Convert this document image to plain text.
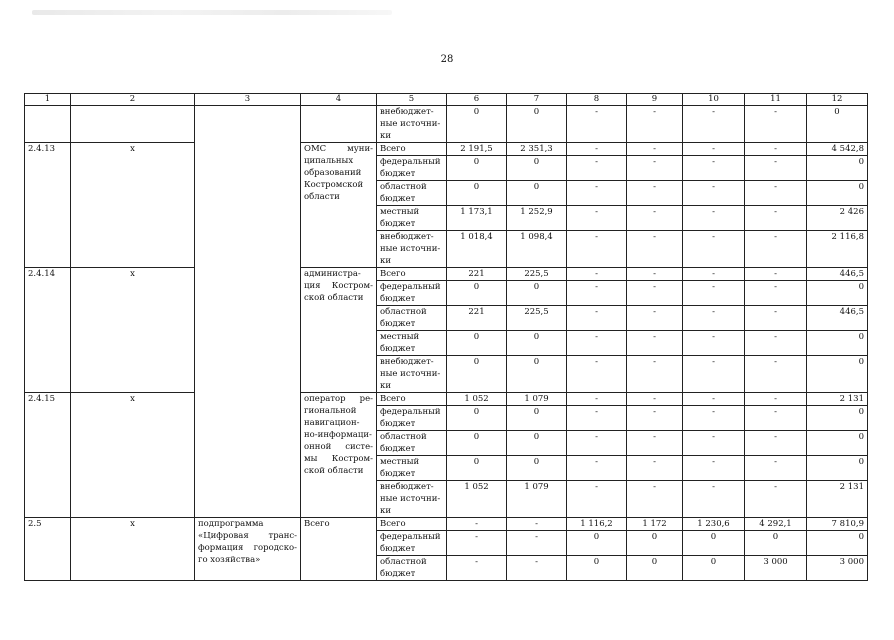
28
1	2	3	4	5	6	7	8	9	10	11	12
				внебюджет-ные источни-ки	0	0	-	-	-	-	0
2.4.13	x		ОМС муни-ципальных образований Костромской области	Всего	2 191,5	2 351,3	-	-	-	-	4 542,8
				федеральный бюджет	0	0	-	-	-	-	0
				областной бюджет	0	0	-	-	-	-	0
				местный бюджет	1 173,1	1 252,9	-	-	-	-	2 426
				внебюджет-ные источни-ки	1 018,4	1 098,4	-	-	-	-	2 116,8
2.4.14	x		администра-ция Костром-ской области	Всего	221	225,5	-	-	-	-	446,5
				федеральный бюджет	0	0	-	-	-	-	0
				областной бюджет	221	225,5	-	-	-	-	446,5
				местный бюджет	0	0	-	-	-	-	0
				внебюджет-ные источни-ки	0	0	-	-	-	-	0
2.4.15	x		оператор ре-гиональной навигацион-но-информаци-онной систе-мы Костром-ской области	Всего	1 052	1 079	-	-	-	-	2 131
				федеральный бюджет	0	0	-	-	-	-	0
				областной бюджет	0	0	-	-	-	-	0
				местный бюджет	0	0	-	-	-	-	0
				внебюджет-ные источни-ки	1 052	1 079	-	-	-	-	2 131
2.5	x	подпрограмма «Цифровая транс-формация городско-го хозяйства»	Всего	Всего	-	-	1 116,2	1 172	1 230,6	4 292,1	7 810,9
				федеральный бюджет	-	-	0	0	0	0	0
				областной бюджет	-	-	0	0	0	3 000	3 000
